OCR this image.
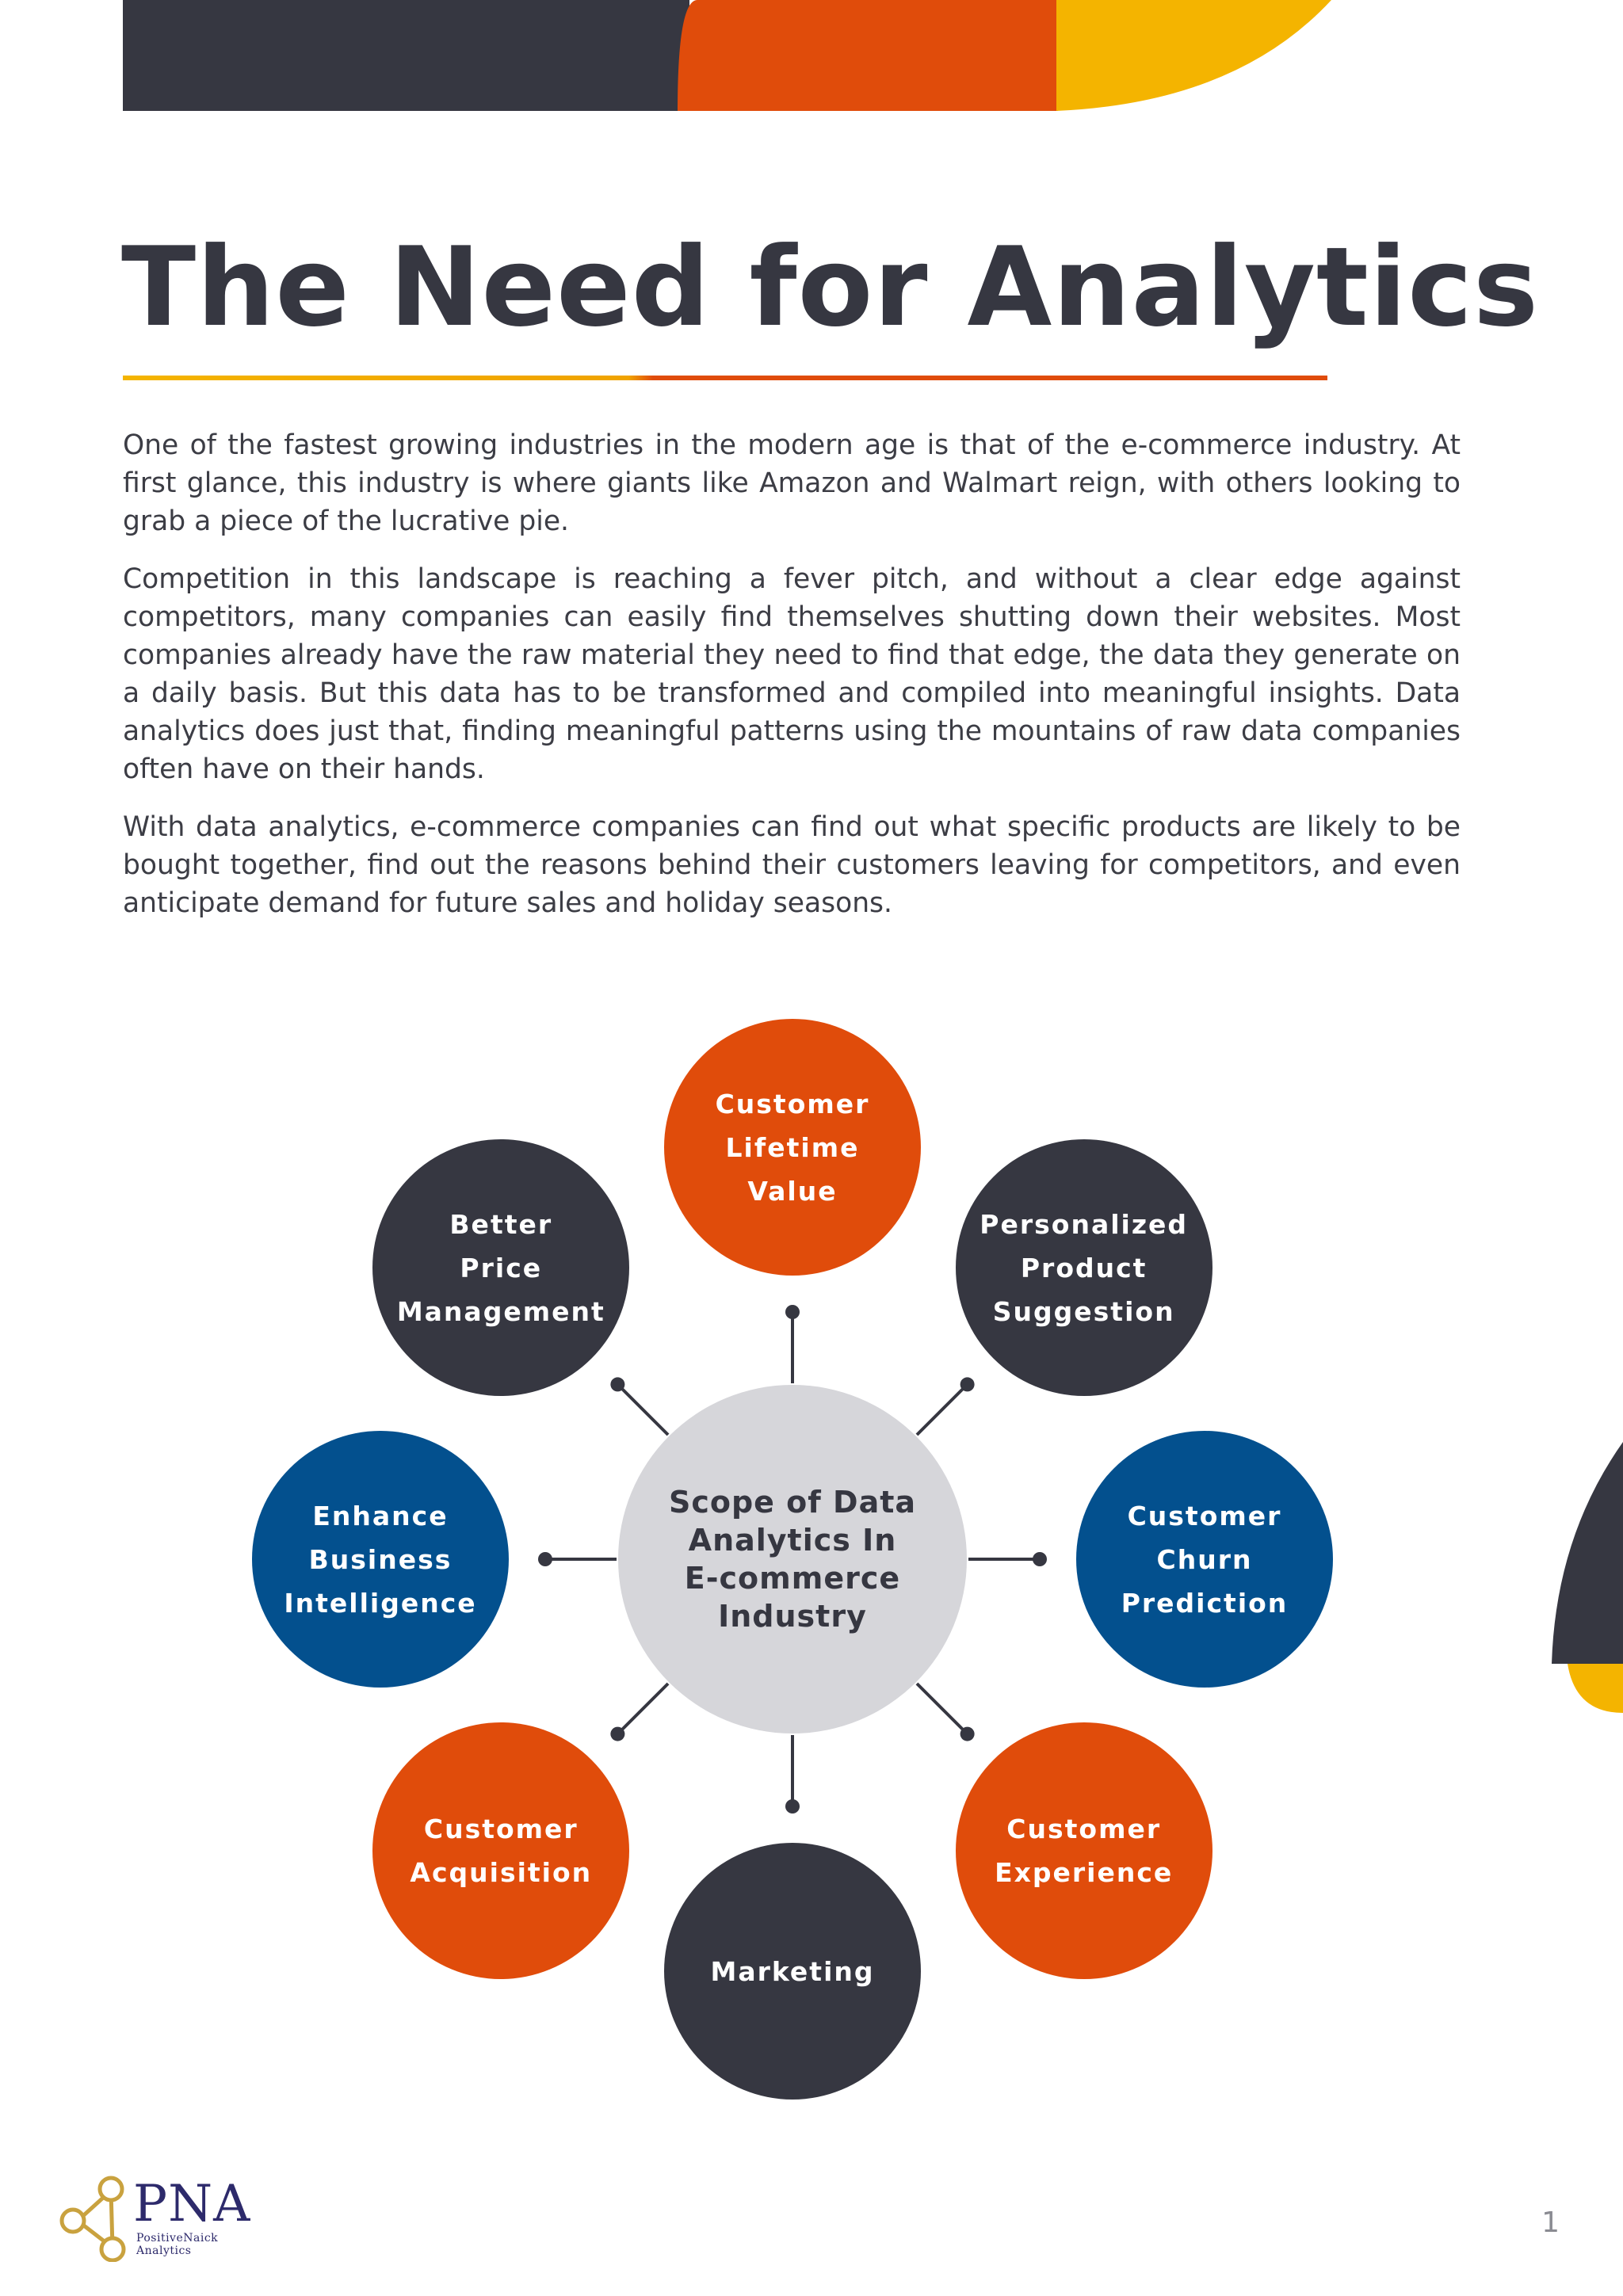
The Need for Analytics

One of the fastest growing industries in the modern age is that of the e-commerce industry. At first glance, this industry is where giants like Amazon and Walmart reign, with others looking to grab a piece of the lucrative pie.

Competition in this landscape is reaching a fever pitch, and without a clear edge against competitors, many companies can easily find themselves shutting down their websites. Most companies already have the raw material they need to find that edge, the data they generate on a daily basis. But this data has to be transformed and compiled into meaningful insights. Data analytics does just that, finding meaningful patterns using the mountains of raw data companies often have on their hands.

With data analytics, e-commerce companies can find out what specific products are likely to be bought together, find out the reasons behind their customers leaving for competitors, and even anticipate demand for future sales and holiday seasons.

Scope of Data
Analytics In
E-commerce
Industry
Customer
Lifetime
Value
Personalized
Product
Suggestion
Customer
Churn
Prediction
Customer
Experience
Marketing
Customer
Acquisition
Enhance
Business
Intelligence
Better
Price
Management
PNA
PositiveNaick Analytics
1
